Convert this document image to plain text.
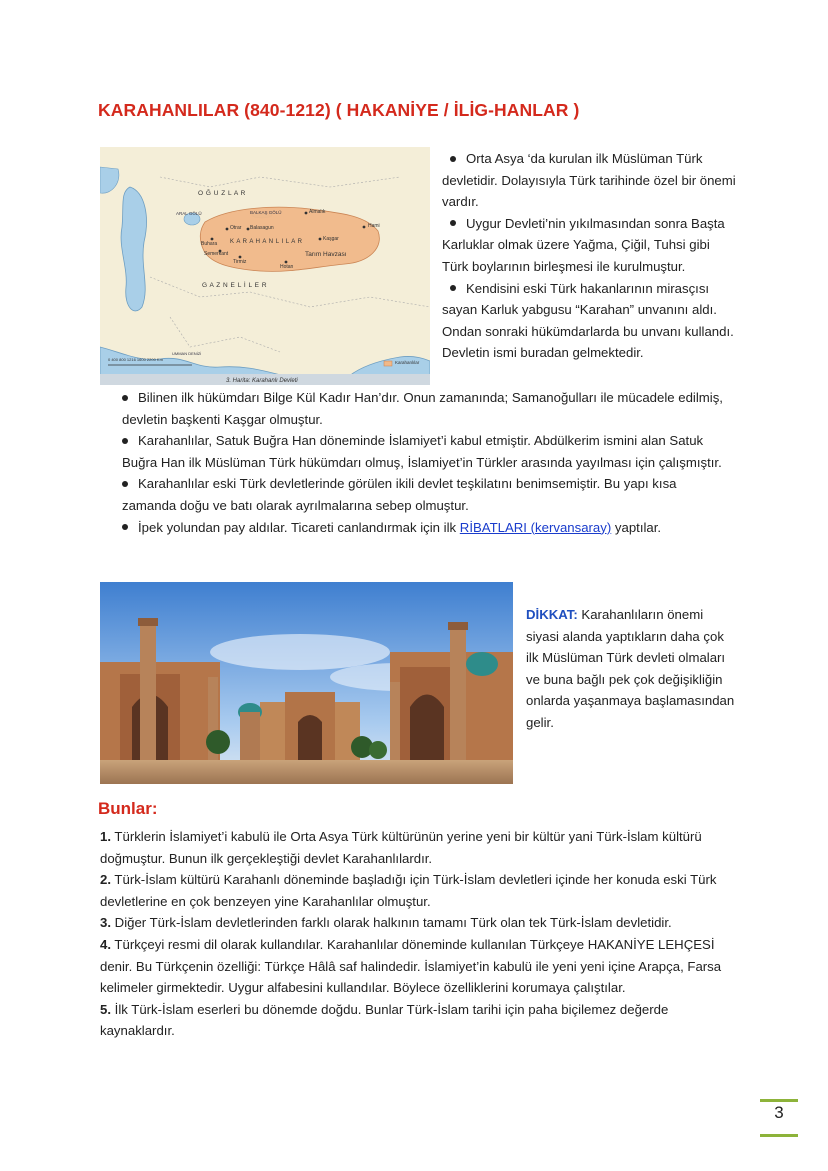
KARAHANLILAR (840-1212) ( HAKANİYE / İLİG-HANLAR )
O Ğ U Z L A R
ARAL GÖLÜ	BALKAŞ GÖLÜ	Almalık
Hami
Otrar Balasagun
K A R A H A N L I L A R	Kaşgar
Buhara
Semerkant
Tirmiz
Hotan
Tarım Havzası
G A Z N E L İ L E R
UMMAN DENİZİ
Karahanlılar
0 400 800 1216 1600 2200 Km
3. Harita: Karahanlı Devleti

Orta Asya ‘da kurulan ilk Müslüman Türk devletidir. Dolayısıyla Türk tarihinde özel bir önemi vardır.

Uygur Devleti’nin yıkılmasından sonra Başta Karluklar olmak üzere Yağma, Çiğil, Tuhsi gibi Türk boylarının birleşmesi ile kurulmuştur.

Kendisini eski Türk hakanlarının mirasçısı sayan Karluk yabgusu “Karahan” unvanını aldı. Ondan sonraki hükümdarlarda bu unvanı kullandı. Devletin ismi buradan gelmektedir.

Bilinen ilk hükümdarı Bilge Kül Kadır Han’dır. Onun zamanında; Samanoğulları ile mücadele edilmiş, devletin başkenti Kaşgar olmuştur.

Karahanlılar, Satuk Buğra Han döneminde İslamiyet’i kabul etmiştir. Abdülkerim ismini alan Satuk Buğra Han ilk Müslüman Türk hükümdarı olmuş, İslamiyet’in Türkler arasında yayılması için çalışmıştır.

Karahanlılar eski Türk devletlerinde görülen ikili devlet teşkilatını benimsemiştir. Bu yapı kısa zamanda doğu ve batı olarak ayrılmalarına sebep olmuştur.

İpek yolundan pay aldılar. Ticareti canlandırmak için ilk RİBATLARI (kervansaray) yaptılar.

DİKKAT: Karahanlıların önemi siyasi alanda yaptıkların daha çok ilk Müslüman Türk devleti olmaları ve buna bağlı pek çok değişikliğin onlarda yaşanmaya başlamasından gelir.
Bunlar:

1. Türklerin İslamiyet’i kabulü ile Orta Asya Türk kültürünün yerine yeni bir kültür yani Türk-İslam kültürü doğmuştur. Bunun ilk gerçekleştiği devlet Karahanlılardır.

2. Türk-İslam kültürü Karahanlı döneminde başladığı için Türk-İslam devletleri içinde her konuda eski Türk devletlerine en çok benzeyen yine Karahanlılar olmuştur.

3. Diğer Türk-İslam devletlerinden farklı olarak halkının tamamı Türk olan tek Türk-İslam devletidir.

4. Türkçeyi resmi dil olarak kullandılar. Karahanlılar döneminde kullanılan Türkçeye HAKANİYE LEHÇESİ denir. Bu Türkçenin özelliği: Türkçe Hâlâ saf halindedir. İslamiyet’in kabulü ile yeni yeni içine Arapça, Farsa kelimeler girmektedir. Uygur alfabesini kullandılar. Böylece özelliklerini korumaya çalıştılar.

5. İlk Türk-İslam eserleri bu dönemde doğdu. Bunlar Türk-İslam tarihi için paha biçilemez değerde kaynaklardır.

3
